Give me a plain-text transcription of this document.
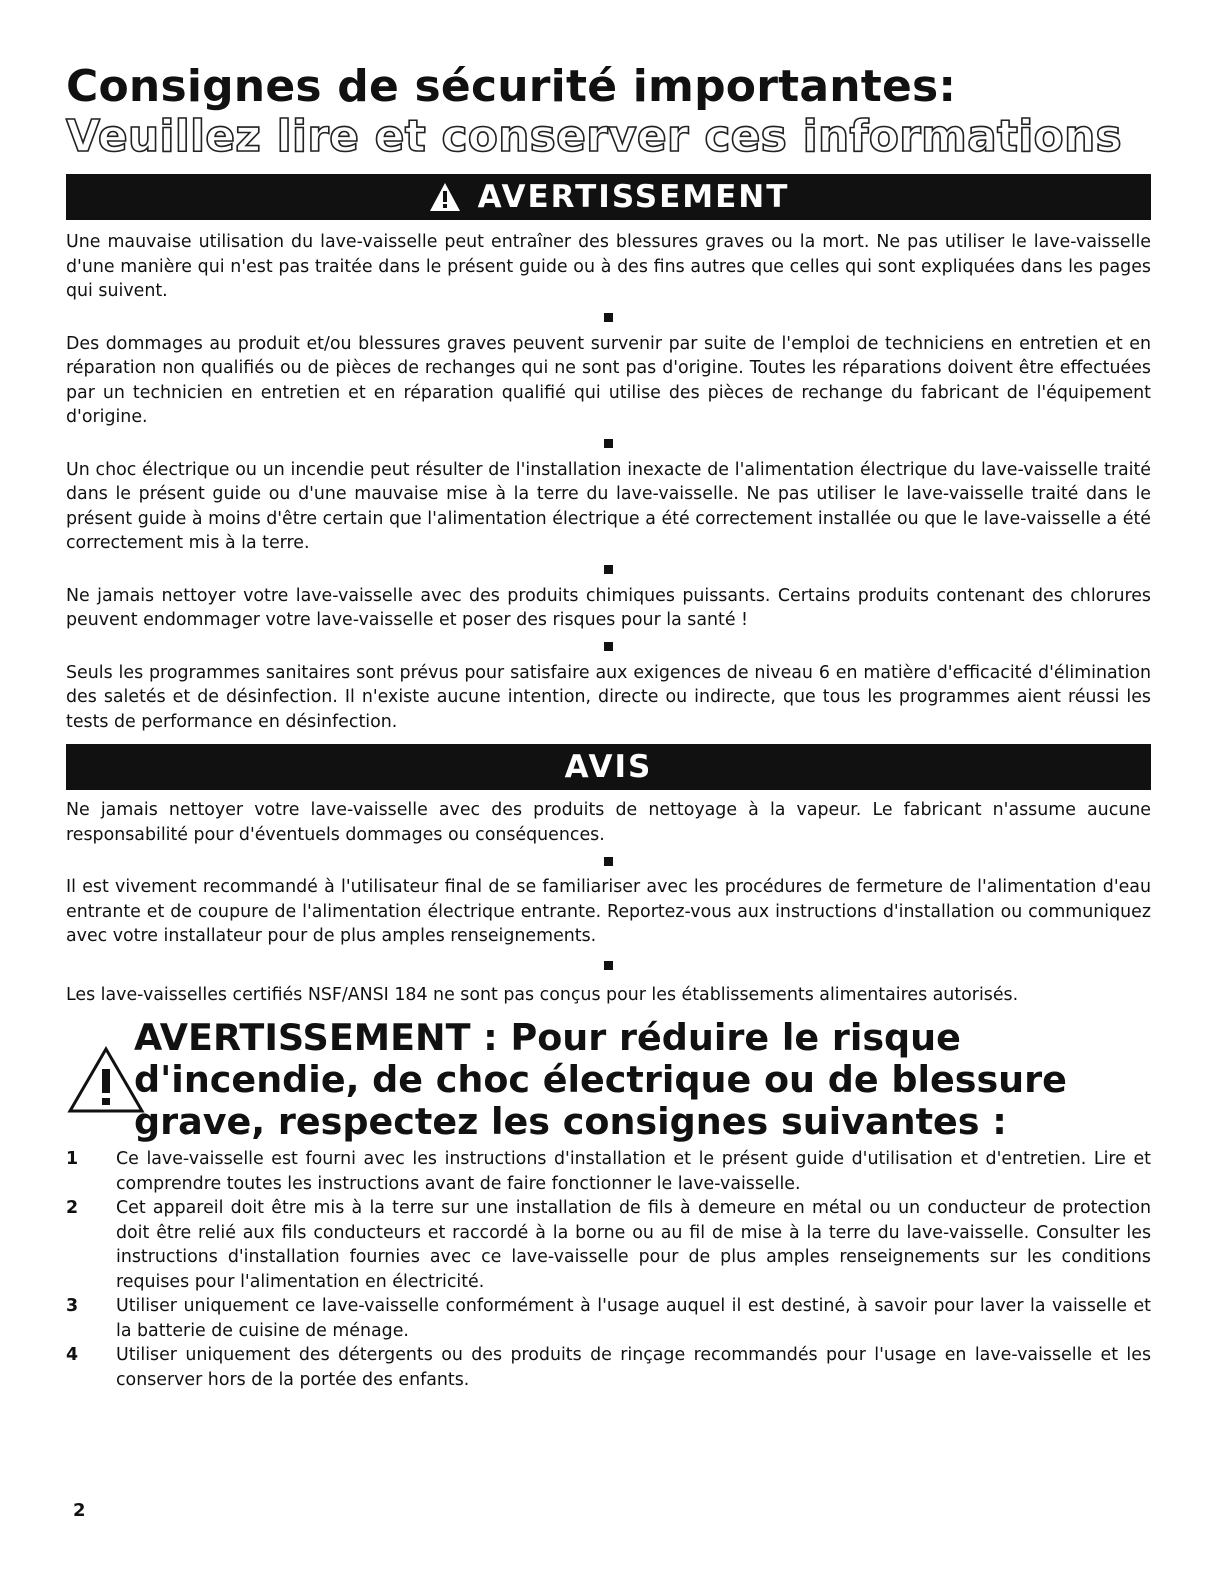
Consignes de sécurité importantes: Veuillez lire et conserver ces informations
AVERTISSEMENT

Une mauvaise utilisation du lave-vaisselle peut entraîner des blessures graves ou la mort. Ne pas utiliser le lave-vaisselle d'une manière qui n'est pas traitée dans le présent guide ou à des fins autres que celles qui sont expliquées dans les pages qui suivent.

Des dommages au produit et/ou blessures graves peuvent survenir par suite de l'emploi de techniciens en entretien et en réparation non qualifiés ou de pièces de rechanges qui ne sont pas d'origine. Toutes les réparations doivent être effectuées par un technicien en entretien et en réparation qualifié qui utilise des pièces de rechange du fabricant de l'équipement d'origine.

Un choc électrique ou un incendie peut résulter de l'installation inexacte de l'alimentation électrique du lave-vaisselle traité dans le présent guide ou d'une mauvaise mise à la terre du lave-vaisselle. Ne pas utiliser le lave-vaisselle traité dans le présent guide à moins d'être certain que l'alimentation électrique a été correctement installée ou que le lave-vaisselle a été correctement mis à la terre.

Ne jamais nettoyer votre lave-vaisselle avec des produits chimiques puissants. Certains produits contenant des chlorures peuvent endommager votre lave-vaisselle et poser des risques pour la santé !

Seuls les programmes sanitaires sont prévus pour satisfaire aux exigences de niveau 6 en matière d'efficacité d'élimination des saletés et de désinfection. Il n'existe aucune intention, directe ou indirecte, que tous les programmes aient réussi les tests de performance en désinfection.

AVIS

Ne jamais nettoyer votre lave-vaisselle avec des produits de nettoyage à la vapeur. Le fabricant n'assume aucune responsabilité pour d'éventuels dommages ou conséquences.

Il est vivement recommandé à l'utilisateur final de se familiariser avec les procédures de fermeture de l'alimentation d'eau entrante et de coupure de l'alimentation électrique entrante. Reportez-vous aux instructions d'installation ou communiquez avec votre installateur pour de plus amples renseignements.

Les lave-vaisselles certifiés NSF/ANSI 184 ne sont pas conçus pour les établissements alimentaires autorisés.

AVERTISSEMENT : Pour réduire le risque d'incendie, de choc électrique ou de blessure grave, respectez les consignes suivantes :
1 Ce lave-vaisselle est fourni avec les instructions d'installation et le présent guide d'utilisation et d'entretien. Lire et comprendre toutes les instructions avant de faire fonctionner le lave-vaisselle.
2 Cet appareil doit être mis à la terre sur une installation de fils à demeure en métal ou un conducteur de protection doit être relié aux fils conducteurs et raccordé à la borne ou au fil de mise à la terre du lave-vaisselle. Consulter les instructions d'installation fournies avec ce lave-vaisselle pour de plus amples renseignements sur les conditions requises pour l'alimentation en électricité.
3 Utiliser uniquement ce lave-vaisselle conformément à l'usage auquel il est destiné, à savoir pour laver la vaisselle et la batterie de cuisine de ménage.
4 Utiliser uniquement des détergents ou des produits de rinçage recommandés pour l'usage en lave-vaisselle et les conserver hors de la portée des enfants.
2
